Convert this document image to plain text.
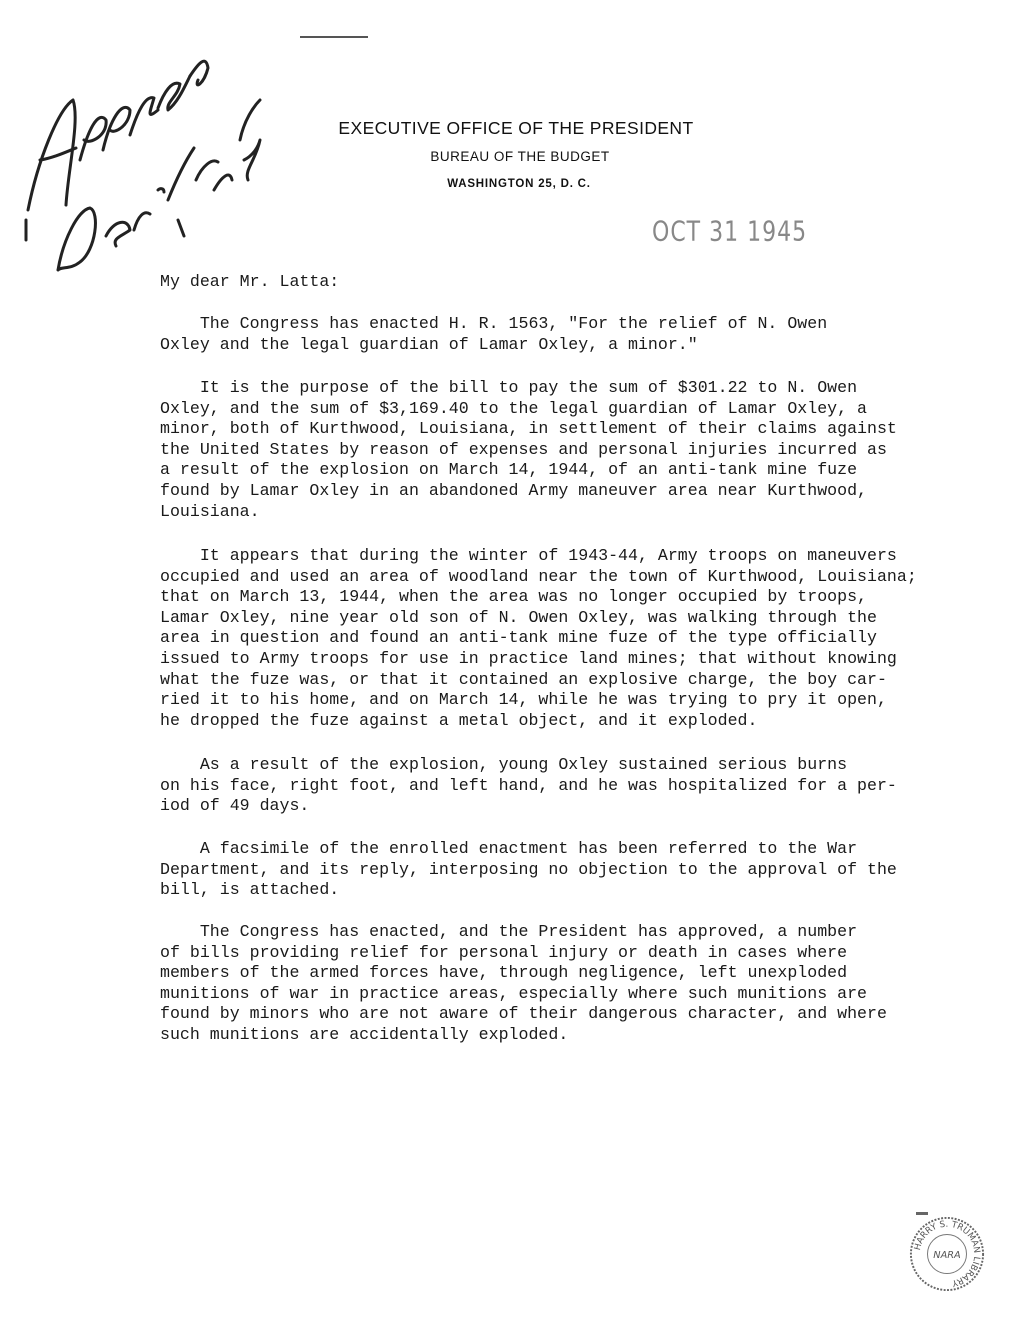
EXECUTIVE OFFICE OF THE PRESIDENT
BUREAU OF THE BUDGET
WASHINGTON 25, D. C.
OCT 31 1945

My dear Mr. Latta:

The Congress has enacted H. R. 1563, "For the relief of N. Owen
Oxley and the legal guardian of Lamar Oxley, a minor."

It is the purpose of the bill to pay the sum of $301.22 to N. Owen
Oxley, and the sum of $3,169.40 to the legal guardian of Lamar Oxley, a
minor, both of Kurthwood, Louisiana, in settlement of their claims against
the United States by reason of expenses and personal injuries incurred as
a result of the explosion on March 14, 1944, of an anti-tank mine fuze
found by Lamar Oxley in an abandoned Army maneuver area near Kurthwood,
Louisiana.

It appears that during the winter of 1943-44, Army troops on maneuvers
occupied and used an area of woodland near the town of Kurthwood, Louisiana;
that on March 13, 1944, when the area was no longer occupied by troops,
Lamar Oxley, nine year old son of N. Owen Oxley, was walking through the
area in question and found an anti-tank mine fuze of the type officially
issued to Army troops for use in practice land mines; that without knowing
what the fuze was, or that it contained an explosive charge, the boy car-
ried it to his home, and on March 14, while he was trying to pry it open,
he dropped the fuze against a metal object, and it exploded.

As a result of the explosion, young Oxley sustained serious burns
on his face, right foot, and left hand, and he was hospitalized for a per-
iod of 49 days.

A facsimile of the enrolled enactment has been referred to the War
Department, and its reply, interposing no objection to the approval of the
bill, is attached.

The Congress has enacted, and the President has approved, a number
of bills providing relief for personal injury or death in cases where
members of the armed forces have, through negligence, left unexploded
munitions of war in practice areas, especially where such munitions are
found by minors who are not aware of their dangerous character, and where
such munitions are accidentally exploded.

HARRY S. TRUMAN LIBRARY
NARA
